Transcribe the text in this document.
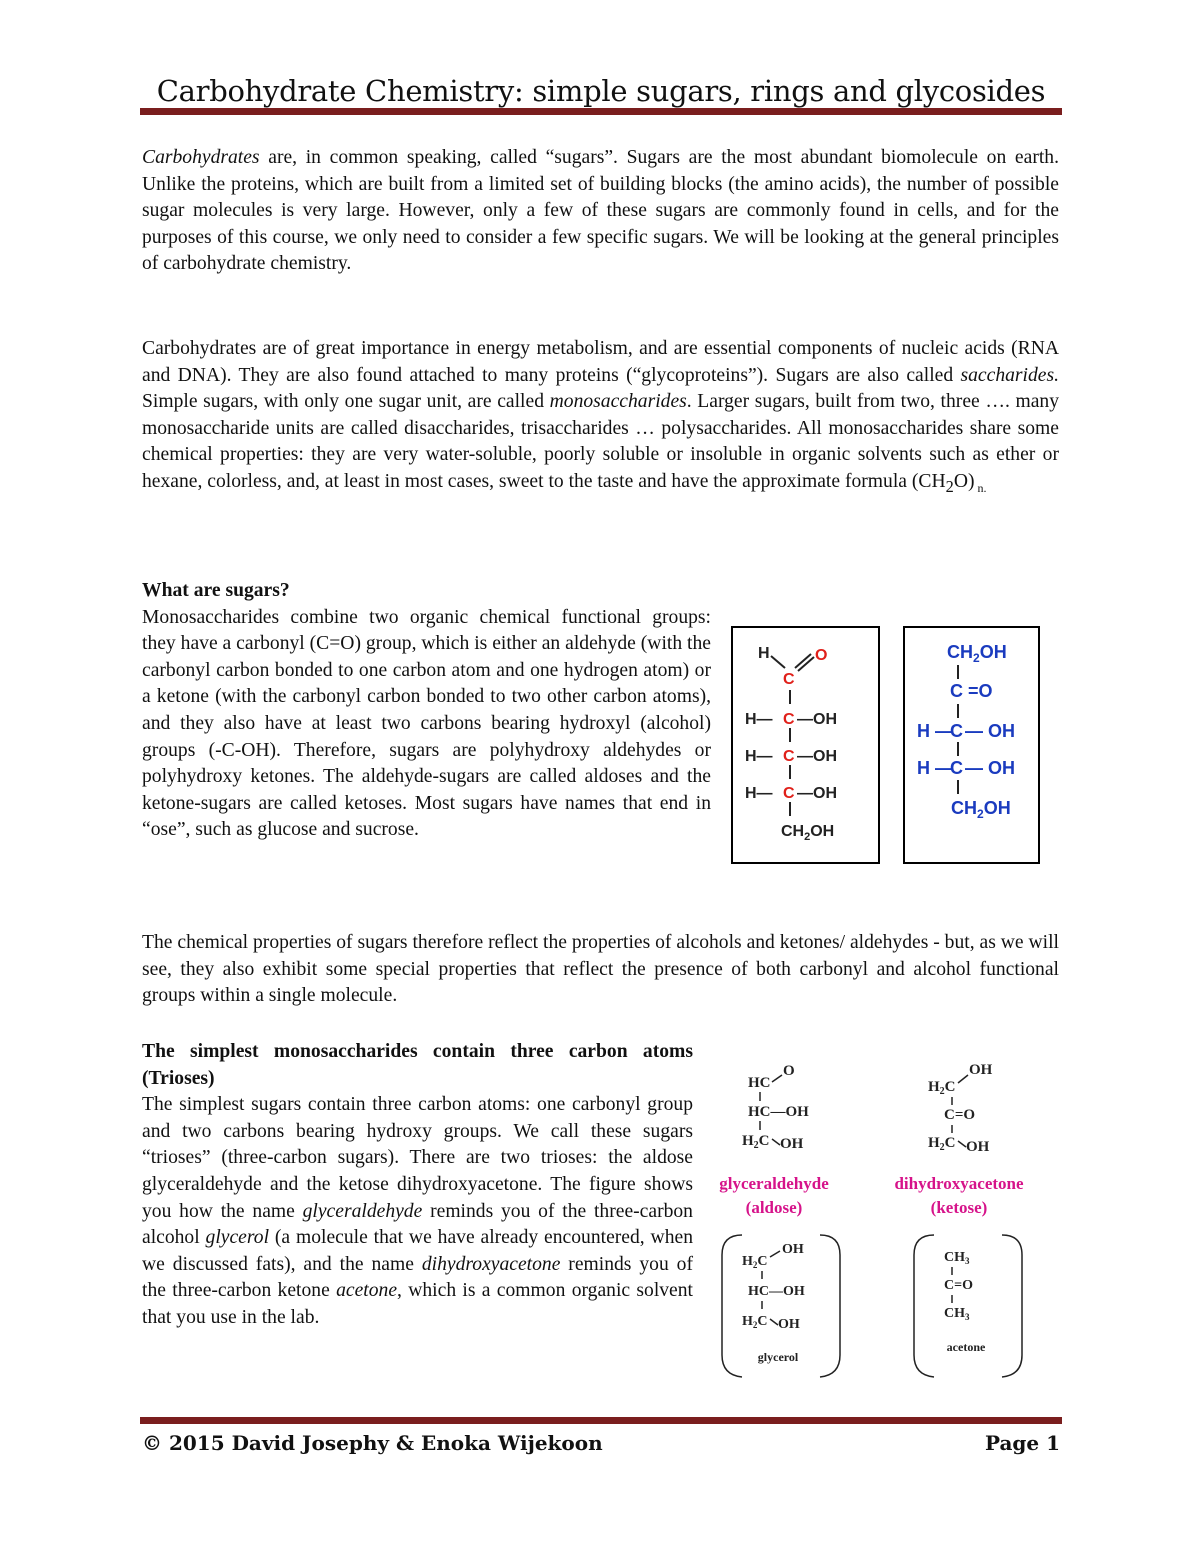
Carbohydrate Chemistry: simple sugars, rings and glycosides

Carbohydrates are, in common speaking, called “sugars”. Sugars are the most abundant biomolecule on earth. Unlike the proteins, which are built from a limited set of building blocks (the amino acids), the number of possible sugar molecules is very large. However, only a few of these sugars are commonly found in cells, and for the purposes of this course, we only need to consider a few specific sugars. We will be looking at the general principles of carbohydrate chemistry.

Carbohydrates are of great importance in energy metabolism, and are essential components of nucleic acids (RNA and DNA). They are also found attached to many proteins (“glycoproteins”). Sugars are also called saccharides. Simple sugars, with only one sugar unit, are called monosaccharides. Larger sugars, built from two, three …. many monosaccharide units are called disaccharides, trisaccharides … polysaccharides. All monosaccharides share some chemical properties: they are very water-soluble, poorly soluble or insoluble in organic solvents such as ether or hexane, colorless, and, at least in most cases, sweet to the taste and have the approximate formula $(CH_2O)$ $_{n.}$

What are sugars?
Monosaccharides combine two organic chemical functional groups: they have a carbonyl (C=O) group, which is either an aldehyde (with the carbonyl carbon bonded to one carbon atom and one hydrogen atom) or a ketone (with the carbonyl carbon bonded to two other carbon atoms), and they also have at least two carbons bearing hydroxyl (alcohol) groups (-C-OH). Therefore, sugars are polyhydroxy aldehydes or polyhydroxy ketones. The aldehyde-sugars are called aldoses and the ketone-sugars are called ketoses. Most sugars have names that end in “ose”, such as glucose and sucrose.

H	O
C
H— C —OH
H— C —OH
H— C —OH
$CH_2OH$
$CH_2OH$
C =O
H —
C — OH
H —
C — OH
$CH_2OH$

The chemical properties of sugars therefore reflect the properties of alcohols and ketones/ aldehydes - but, as we will see, they also exhibit some special properties that reflect the presence of both carbonyl and alcohol functional groups within a single molecule.

The simplest monosaccharides contain three carbon atoms (Trioses)
The simplest sugars contain three carbon atoms: one carbonyl group and two carbons bearing hydroxy groups. We call these sugars “trioses” (three-carbon sugars). There are two trioses: the aldose glyceraldehyde and the ketose dihydroxyacetone. The figure shows you how the name glyceraldehyde reminds you of the three-carbon alcohol glycerol (a molecule that we have already encountered, when we discussed fats), and the name dihydroxyacetone reminds you of the three-carbon ketone acetone, which is a common organic solvent that you use in the lab.

HC
O
HC—OH
$H_2C$ OH
$H_2C$
OH
C=O
$H_2C$ OH
glyceraldehyde
(aldose)
dihydroxyacetone
(ketose)
$H_2C$
OH
HC—OH
$H_2C$ OH
glycerol
$CH_3$
C=O
$CH_3$
acetone
© 2015 David Josephy & Enoka Wijekoon	Page 1
